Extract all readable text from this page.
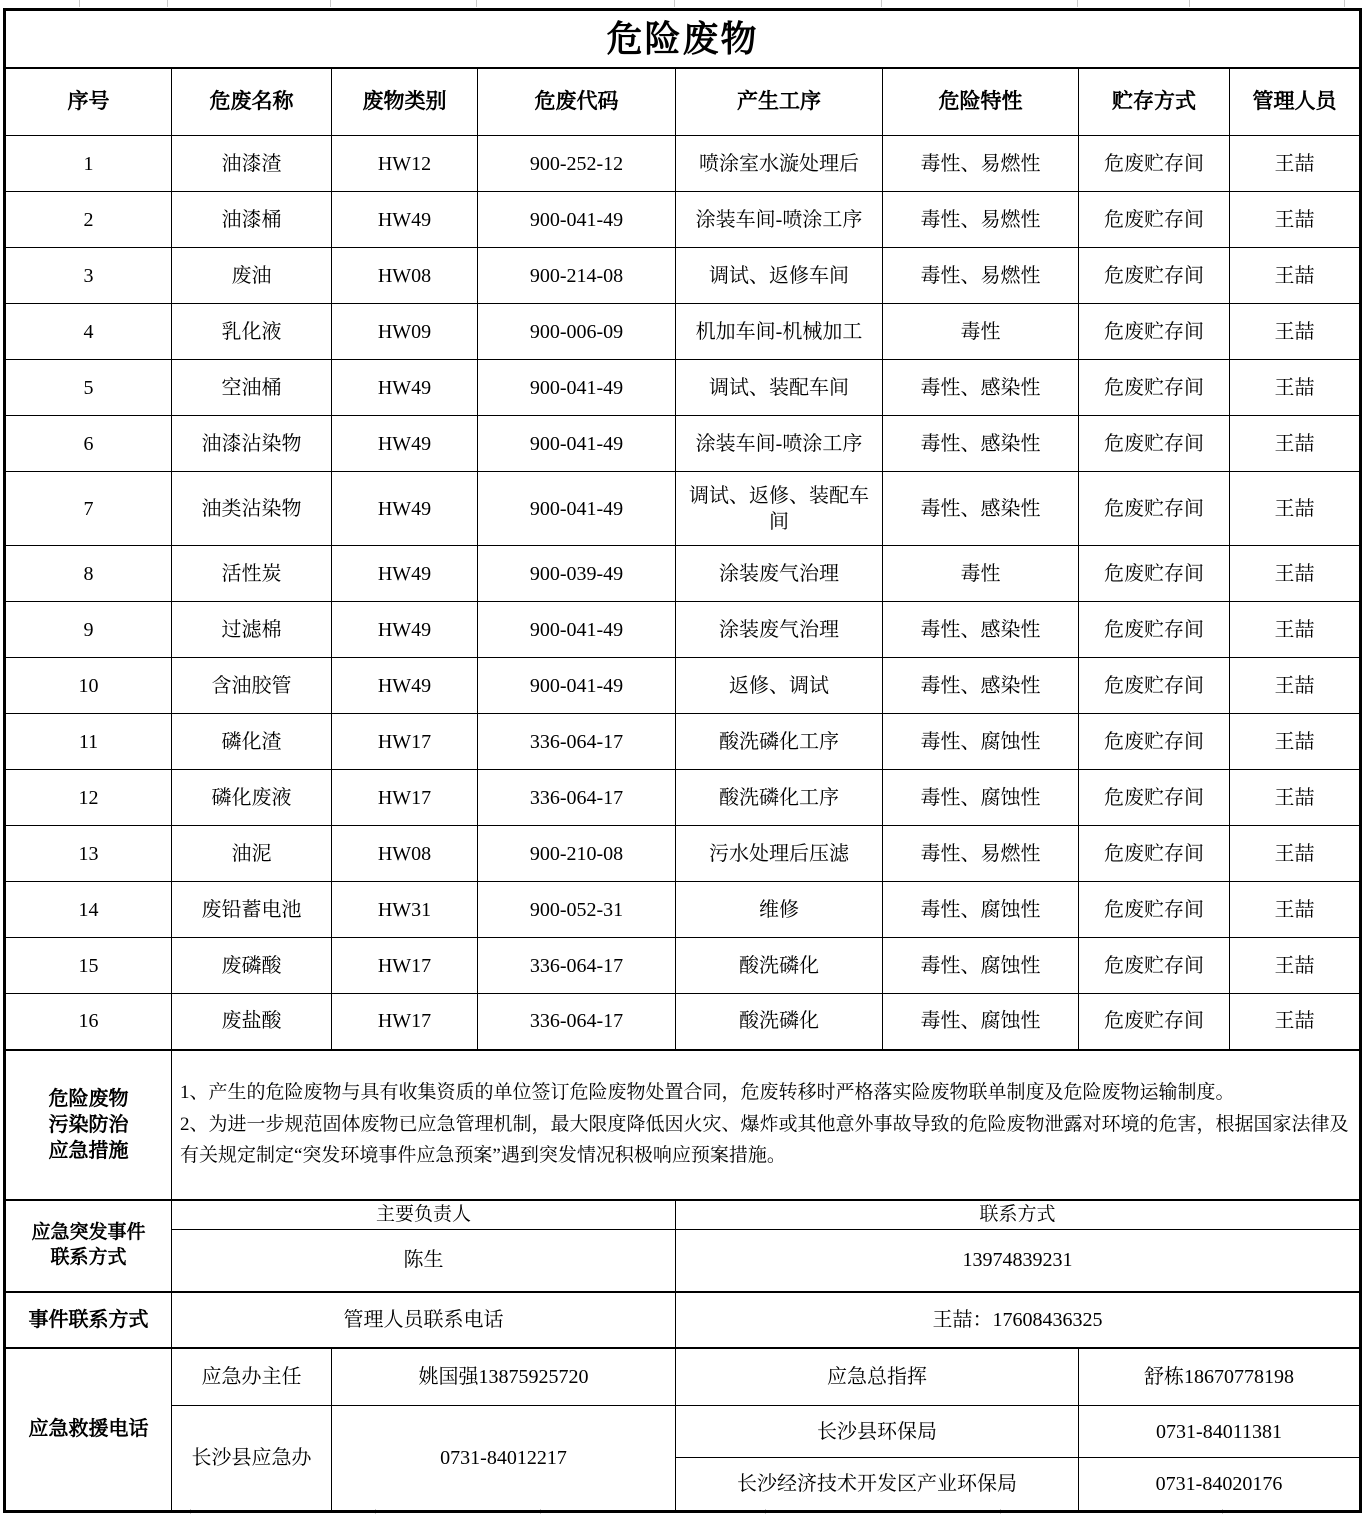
危险废物							
序号	危废名称	废物类别	危废代码	产生工序	危险特性	贮存方式	管理人员
1	油漆渣	HW12	900-252-12	喷涂室水漩处理后	毒性、易燃性	危废贮存间	王喆
2	油漆桶	HW49	900-041-49	涂装车间-喷涂工序	毒性、易燃性	危废贮存间	王喆
3	废油	HW08	900-214-08	调试、返修车间	毒性、易燃性	危废贮存间	王喆
4	乳化液	HW09	900-006-09	机加车间-机械加工	毒性	危废贮存间	王喆
5	空油桶	HW49	900-041-49	调试、装配车间	毒性、感染性	危废贮存间	王喆
6	油漆沾染物	HW49	900-041-49	涂装车间-喷涂工序	毒性、感染性	危废贮存间	王喆
7	油类沾染物	HW49	900-041-49	调试、返修、装配车间	毒性、感染性	危废贮存间	王喆
8	活性炭	HW49	900-039-49	涂装废气治理	毒性	危废贮存间	王喆
9	过滤棉	HW49	900-041-49	涂装废气治理	毒性、感染性	危废贮存间	王喆
10	含油胶管	HW49	900-041-49	返修、调试	毒性、感染性	危废贮存间	王喆
11	磷化渣	HW17	336-064-17	酸洗磷化工序	毒性、腐蚀性	危废贮存间	王喆
12	磷化废液	HW17	336-064-17	酸洗磷化工序	毒性、腐蚀性	危废贮存间	王喆
13	油泥	HW08	900-210-08	污水处理后压滤	毒性、易燃性	危废贮存间	王喆
14	废铅蓄电池	HW31	900-052-31	维修	毒性、腐蚀性	危废贮存间	王喆
15	废磷酸	HW17	336-064-17	酸洗磷化	毒性、腐蚀性	危废贮存间	王喆
16	废盐酸	HW17	336-064-17	酸洗磷化	毒性、腐蚀性	危废贮存间	王喆

危险废物
污染防治
应急措施

1、产生的危险废物与具有收集资质的单位签订危险废物处置合同，危废转移时严格落实险废物联单制度及危险废物运输制度。
2、为进一步规范固体废物已应急管理机制，最大限度降低因火灾、爆炸或其他意外事故导致的危险废物泄露对环境的危害，根据国家法律及有关规定制定“突发环境事件应急预案”遇到突发情况积极响应预案措施。

应急突发事件
联系方式	主要负责人			联系方式			
	陈生			13974839231			
事件联系方式	管理人员联系电话			王喆：17608436325			
应急救援电话	应急办主任	姚国强13875925720		应急总指挥		舒栋18670778198	
	长沙县应急办	0731-84012217		长沙县环保局		0731-84011381	
				长沙经济技术开发区产业环保局		0731-84020176	
